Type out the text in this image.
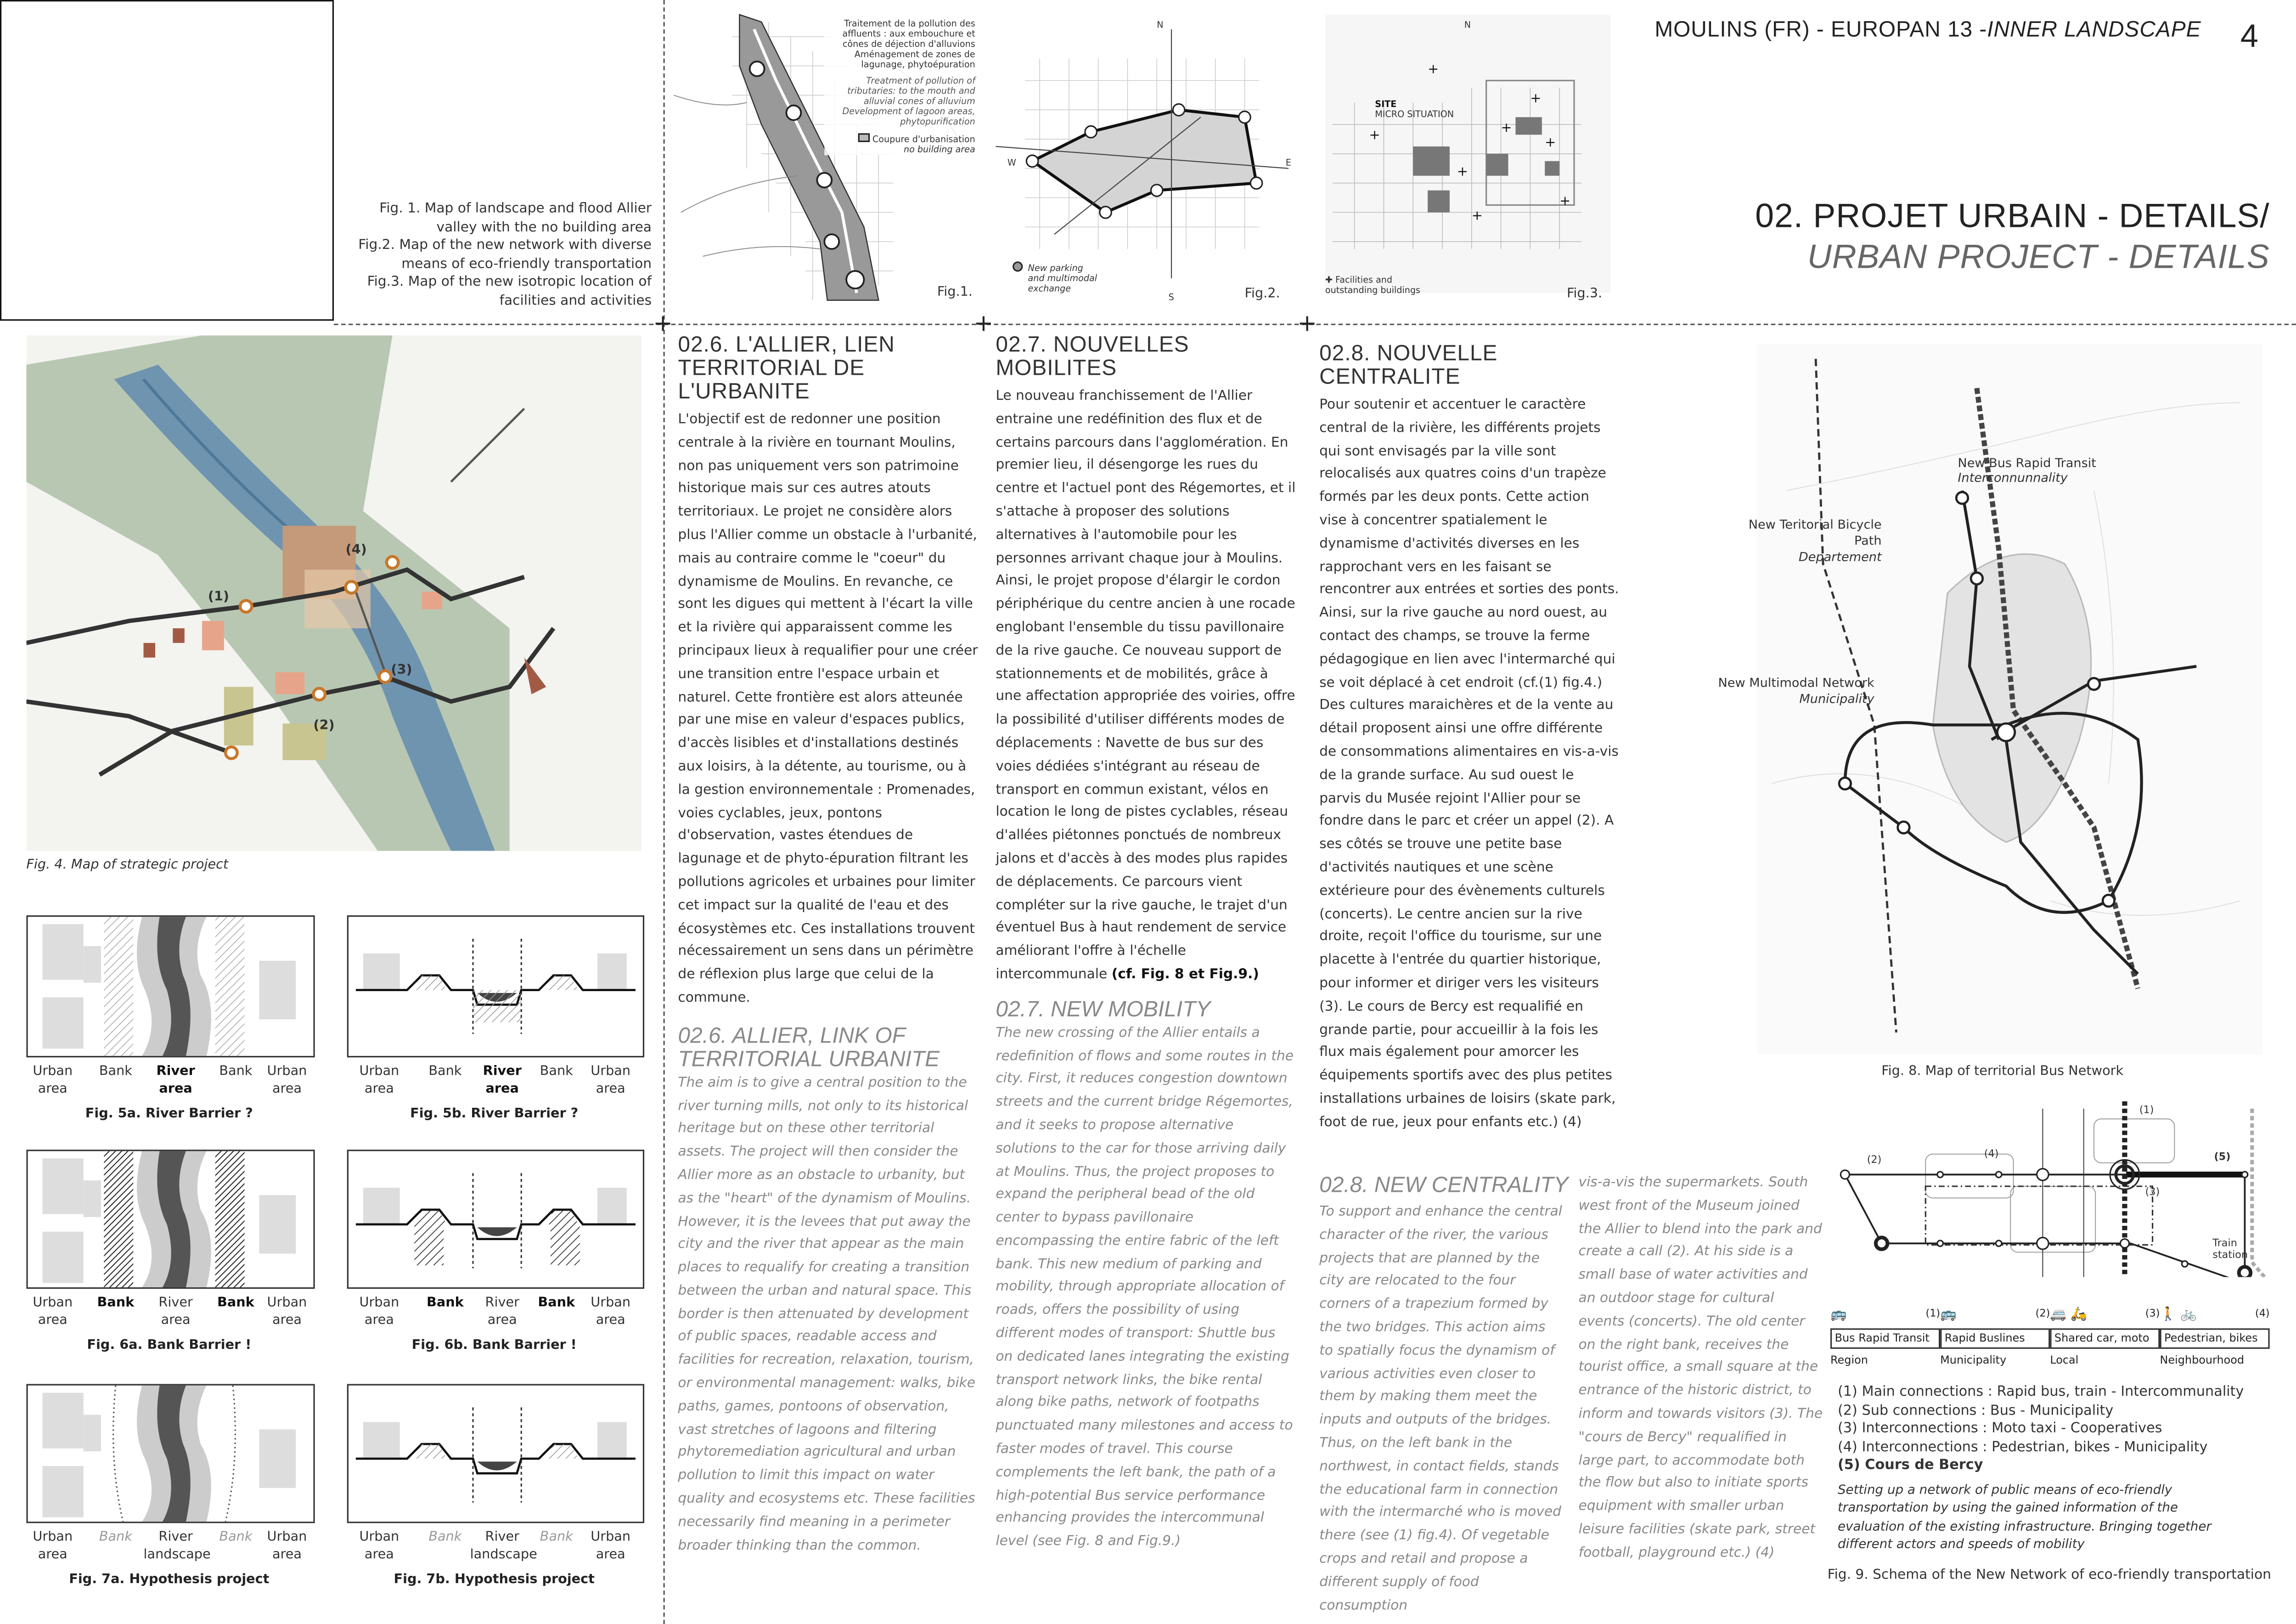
+	+	+
MOULINS (FR) - EUROPAN 13 -INNER LANDSCAPE	4
02. PROJET URBAIN - DETAILS/
URBAN PROJECT - DETAILS
Fig. 1. Map of landscape and flood Allier valley with the no building area
Fig.2. Map of the new network with diverse means of eco-friendly transportation
Fig.3. Map of the new isotropic location of facilities and activities
Traitement de la pollution des affluents : aux embouchure et cônes de déjection d'alluvions Aménagement de zones de lagunage, phytoépuration
Treatment of pollution of tributaries: to the mouth and alluvial cones of alluvium Development of lagoon areas, phytopurification
Coupure d'urbanisation
no building area
Fig.1.
N
W	E
S
New parking and multimodal exchange	Fig.2.
+
+
+
+
+
+
+
+
SITE
MICRO SITUATION
N
✚ Facilities and outstanding buildings	Fig.3.
(1)
(2)
(3)
(4)
Fig. 4. Map of strategic project
Urban area
Bank	River area
Bank	Urban area
Fig. 5a. River Barrier ?
Urban area
Bank	River area
Bank	Urban area
Fig. 5b. River Barrier ?
Urban area
Bank	River area
Bank	Urban area
Fig. 6a. Bank Barrier !
Urban area
Bank	River area
Bank	Urban area
Fig. 6b. Bank Barrier !
Urban area
Bank	River landscape
Bank	Urban area
Fig. 7a. Hypothesis project
Urban area
Bank	River landscape
Bank	Urban area
Fig. 7b. Hypothesis project
02.6. L'ALLIER, LIEN TERRITORIAL DE L'URBANITE
L'objectif est de redonner une position centrale à la rivière en tournant Moulins, non pas uniquement vers son patrimoine historique mais sur ces autres atouts territoriaux. Le projet ne considère alors plus l'Allier comme un obstacle à l'urbanité, mais au contraire comme le "coeur" du dynamisme de Moulins. En revanche, ce sont les digues qui mettent à l'écart la ville et la rivière qui apparaissent comme les principaux lieux à requalifier pour une créer une transition entre l'espace urbain et naturel. Cette frontière est alors atteunée par une mise en valeur d'espaces publics, d'accès lisibles et d'installations destinés aux loisirs, à la détente, au tourisme, ou à la gestion environnementale : Promenades, voies cyclables, jeux, pontons d'observation, vastes étendues de lagunage et de phyto-épuration filtrant les pollutions agricoles et urbaines pour limiter cet impact sur la qualité de l'eau et des écosystèmes etc. Ces installations trouvent nécessairement un sens dans un périmètre de réflexion plus large que celui de la commune.
02.6. ALLIER, LINK OF TERRITORIAL URBANITE
The aim is to give a central position to the river turning mills, not only to its historical heritage but on these other territorial assets. The project will then consider the Allier more as an obstacle to urbanity, but as the "heart" of the dynamism of Moulins. However, it is the levees that put away the city and the river that appear as the main places to requalify for creating a transition between the urban and natural space. This border is then attenuated by development of public spaces, readable access and facilities for recreation, relaxation, tourism, or environmental management: walks, bike paths, games, pontoons of observation, vast stretches of lagoons and filtering phytoremediation agricultural and urban pollution to limit this impact on water quality and ecosystems etc. These facilities necessarily find meaning in a perimeter broader thinking than the common.
02.7. NOUVELLES MOBILITES
Le nouveau franchissement de l'Allier entraine une redéfinition des flux et de certains parcours dans l'agglomération. En premier lieu, il désengorge les rues du centre et l'actuel pont des Régemortes, et il s'attache à proposer des solutions alternatives à l'automobile pour les personnes arrivant chaque jour à Moulins. Ainsi, le projet propose d'élargir le cordon périphérique du centre ancien à une rocade englobant l'ensemble du tissu pavillonaire de la rive gauche. Ce nouveau support de stationnements et de mobilités, grâce à une affectation appropriée des voiries, offre la possibilité d'utiliser différents modes de déplacements : Navette de bus sur des voies dédiées s'intégrant au réseau de transport en commun existant, vélos en location le long de pistes cyclables, réseau d'allées piétonnes ponctués de nombreux jalons et d'accès à des modes plus rapides de déplacements. Ce parcours vient compléter sur la rive gauche, le trajet d'un éventuel Bus à haut rendement de service améliorant l'offre à l'échelle intercommunale (cf. Fig. 8 et Fig.9.)
02.7. NEW MOBILITY
The new crossing of the Allier entails a redefinition of flows and some routes in the city. First, it reduces congestion downtown streets and the current bridge Régemortes, and it seeks to propose alternative solutions to the car for those arriving daily at Moulins. Thus, the project proposes to expand the peripheral bead of the old center to bypass pavillonaire encompassing the entire fabric of the left bank. This new medium of parking and mobility, through appropriate allocation of roads, offers the possibility of using different modes of transport: Shuttle bus on dedicated lanes integrating the existing transport network links, the bike rental along bike paths, network of footpaths punctuated many milestones and access to faster modes of travel. This course complements the left bank, the path of a high-potential Bus service performance enhancing provides the intercommunal level (see Fig. 8 and Fig.9.)
02.8. NOUVELLE CENTRALITE
Pour soutenir et accentuer le caractère central de la rivière, les différents projets qui sont envisagés par la ville sont relocalisés aux quatres coins d'un trapèze formés par les deux ponts. Cette action vise à concentrer spatialement le dynamisme d'activités diverses en les rapprochant vers en les faisant se rencontrer aux entrées et sorties des ponts. Ainsi, sur la rive gauche au nord ouest, au contact des champs, se trouve la ferme pédagogique en lien avec l'intermarché qui se voit déplacé à cet endroit (cf.(1) fig.4.) Des cultures maraichères et de la vente au détail proposent ainsi une offre différente de consommations alimentaires en vis-a-vis de la grande surface. Au sud ouest le parvis du Musée rejoint l'Allier pour se fondre dans le parc et créer un appel (2). A ses côtés se trouve une petite base d'activités nautiques et une scène extérieure pour des évènements culturels (concerts). Le centre ancien sur la rive droite, reçoit l'office du tourisme, sur une placette à l'entrée du quartier historique, pour informer et diriger vers les visiteurs (3). Le cours de Bercy est requalifié en grande partie, pour accueillir à la fois les flux mais également pour amorcer les équipements sportifs avec des plus petites installations urbaines de loisirs (skate park, foot de rue, jeux pour enfants etc.) (4)
02.8. NEW CENTRALITY
To support and enhance the central character of the river, the various projects that are planned by the city are relocated to the four corners of a trapezium formed by the two bridges. This action aims to spatially focus the dynamism of various activities even closer to them by making them meet the inputs and outputs of the bridges. Thus, on the left bank in the northwest, in contact fields, stands the educational farm in connection with the intermarché who is moved there (see (1) fig.4). Of vegetable crops and retail and propose a different supply of food consumption
vis-a-vis the supermarkets. South west front of the Museum joined the Allier to blend into the park and create a call (2). At his side is a small base of water activities and an outdoor stage for cultural events (concerts). The old center on the right bank, receives the tourist office, a small square at the entrance of the historic district, to inform and towards visitors (3). The "cours de Bercy" requalified in large part, to accommodate both the flow but also to initiate sports equipment with smaller urban leisure facilities (skate park, street football, playground etc.) (4)
New Bus Rapid Transit
Interconnunnality
New Teritorial Bicycle Path
Departement
New Multimodal Network
Municipality
Fig. 8. Map of territorial Bus Network
(1)
(2)
(3)
(4)	(5)
Train station
🚌	(1)
Bus Rapid Transit
Region
🚌	(2)
Rapid Buslines
Municipality
🚐 🛵	(3)
Shared car, moto
Local
🚶 🚲	(4)
Pedestrian, bikes
Neighbourhood
(1) Main connections : Rapid bus, train - Intercommunality
(2) Sub connections : Bus - Municipality
(3) Interconnections : Moto taxi - Cooperatives
(4) Interconnections : Pedestrian, bikes - Municipality
(5) Cours de Bercy
Setting up a network of public means of eco-friendly transportation by using the gained information of the evaluation of the existing infrastructure. Bringing together different actors and speeds of mobility
Fig. 9. Schema of the New Network of eco-friendly transportation
